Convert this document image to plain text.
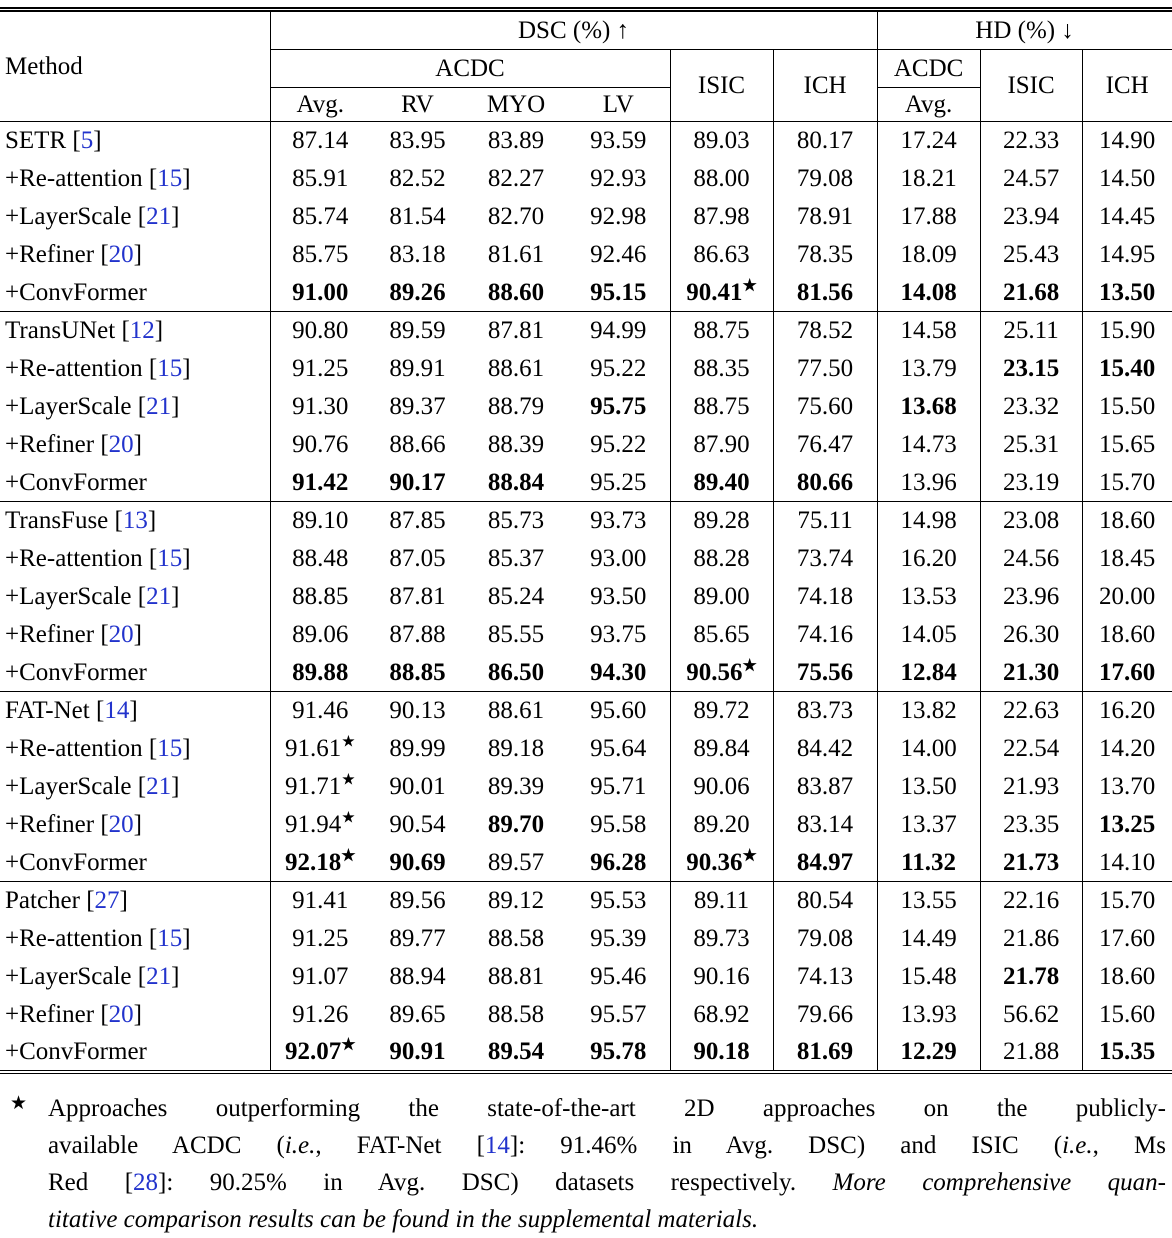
Method	DSC (%) ↑						HD (%) ↓		
	ACDC				ISIC	ICH	ACDC	ISIC	ICH
	Avg.	RV	MYO	LV			Avg.		
SETR [5]	87.14	83.95	83.89	93.59	89.03	80.17	17.24	22.33	14.90
+Re-attention [15]	85.91	82.52	82.27	92.93	88.00	79.08	18.21	24.57	14.50
+LayerScale [21]	85.74	81.54	82.70	92.98	87.98	78.91	17.88	23.94	14.45
+Refiner [20]	85.75	83.18	81.61	92.46	86.63	78.35	18.09	25.43	14.95
+ConvFormer	91.00	89.26	88.60	95.15	90.41★	81.56	14.08	21.68	13.50
TransUNet [12]	90.80	89.59	87.81	94.99	88.75	78.52	14.58	25.11	15.90
+Re-attention [15]	91.25	89.91	88.61	95.22	88.35	77.50	13.79	23.15	15.40
+LayerScale [21]	91.30	89.37	88.79	95.75	88.75	75.60	13.68	23.32	15.50
+Refiner [20]	90.76	88.66	88.39	95.22	87.90	76.47	14.73	25.31	15.65
+ConvFormer	91.42	90.17	88.84	95.25	89.40	80.66	13.96	23.19	15.70
TransFuse [13]	89.10	87.85	85.73	93.73	89.28	75.11	14.98	23.08	18.60
+Re-attention [15]	88.48	87.05	85.37	93.00	88.28	73.74	16.20	24.56	18.45
+LayerScale [21]	88.85	87.81	85.24	93.50	89.00	74.18	13.53	23.96	20.00
+Refiner [20]	89.06	87.88	85.55	93.75	85.65	74.16	14.05	26.30	18.60
+ConvFormer	89.88	88.85	86.50	94.30	90.56★	75.56	12.84	21.30	17.60
FAT-Net [14]	91.46	90.13	88.61	95.60	89.72	83.73	13.82	22.63	16.20
+Re-attention [15]	91.61★	89.99	89.18	95.64	89.84	84.42	14.00	22.54	14.20
+LayerScale [21]	91.71★	90.01	89.39	95.71	90.06	83.87	13.50	21.93	13.70
+Refiner [20]	91.94★	90.54	89.70	95.58	89.20	83.14	13.37	23.35	13.25
+ConvFormer	92.18★	90.69	89.57	96.28	90.36★	84.97	11.32	21.73	14.10
Patcher [27]	91.41	89.56	89.12	95.53	89.11	80.54	13.55	22.16	15.70
+Re-attention [15]	91.25	89.77	88.58	95.39	89.73	79.08	14.49	21.86	17.60
+LayerScale [21]	91.07	88.94	88.81	95.46	90.16	74.13	15.48	21.78	18.60
+Refiner [20]	91.26	89.65	88.58	95.57	68.92	79.66	13.93	56.62	15.60
+ConvFormer	92.07★	90.91	89.54	95.78	90.18	81.69	12.29	21.88	15.35
★ Approaches outperforming the state-of-the-art 2D approaches on the publicly-
available ACDC (i.e., FAT-Net [14]: 91.46% in Avg. DSC) and ISIC (i.e., Ms
Red [28]: 90.25% in Avg. DSC) datasets respectively. More comprehensive quan-
titative comparison results can be found in the supplemental materials.
